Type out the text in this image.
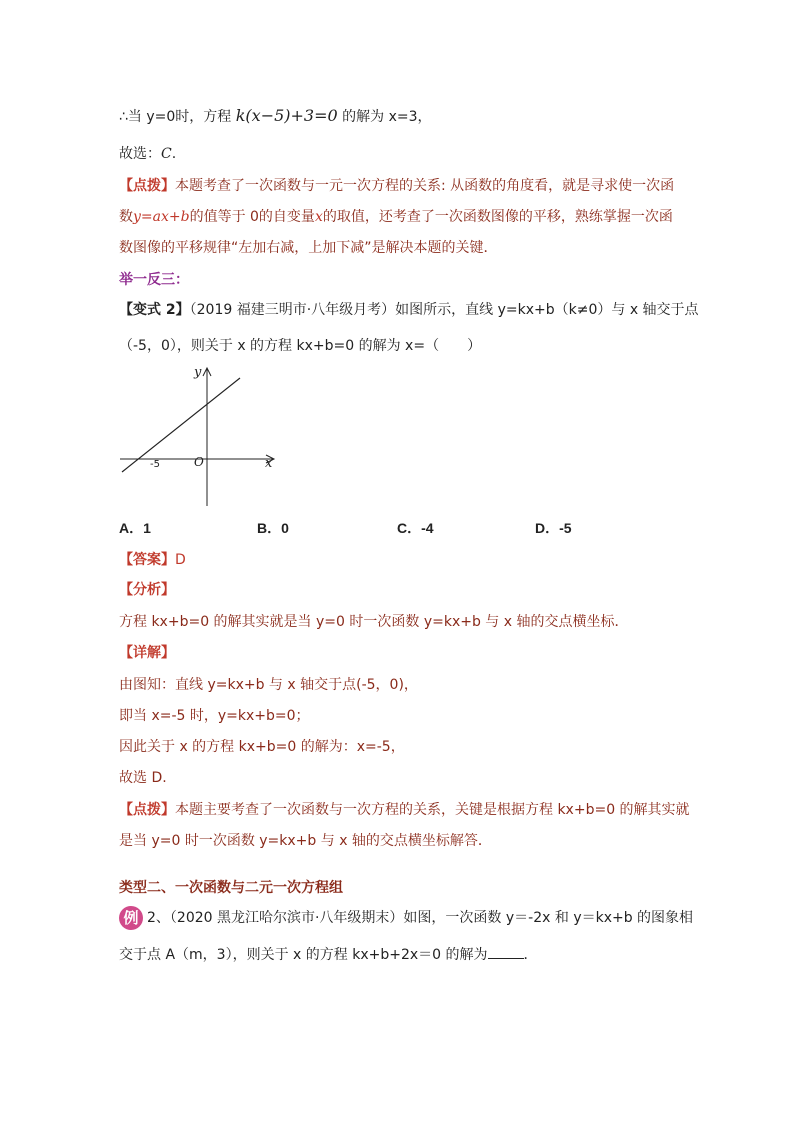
∴当 y=0时，方程 k(x−5)+3=0 的解为 x=3，
故选：C.
【点拨】本题考查了一次函数与一元一次方程的关系: 从函数的角度看，就是寻求使一次函
数y=ax+b的值等于 0的自变量x的取值，还考查了一次函数图像的平移，熟练掌握一次函
数图像的平移规律“左加右减，上加下减”是解决本题的关键．
举一反三：
【变式 2】（2019 福建三明市·八年级月考）如图所示，直线 y=kx+b（k≠0）与 x 轴交于点
（-5，0），则关于 x 的方程 kx+b=0 的解为 x=（　　）
y
x
O
-5
A．1	B．0	C．-4	D．-5
【答案】D
【分析】
方程 kx+b=0 的解其实就是当 y=0 时一次函数 y=kx+b 与 x 轴的交点横坐标．
【详解】
由图知：直线 y=kx+b 与 x 轴交于点(-5，0)，
即当 x=-5 时，y=kx+b=0；
因此关于 x 的方程 kx+b=0 的解为：x=-5，
故选 D.
【点拨】本题主要考查了一次函数与一次方程的关系，关键是根据方程 kx+b=0 的解其实就
是当 y=0 时一次函数 y=kx+b 与 x 轴的交点横坐标解答．
类型二、一次函数与二元一次方程组
例 2、（2020 黑龙江哈尔滨市·八年级期末）如图，一次函数 y＝-2x 和 y＝kx+b 的图象相
交于点 A（m，3），则关于 x 的方程 kx+b+2x＝0 的解为	．
